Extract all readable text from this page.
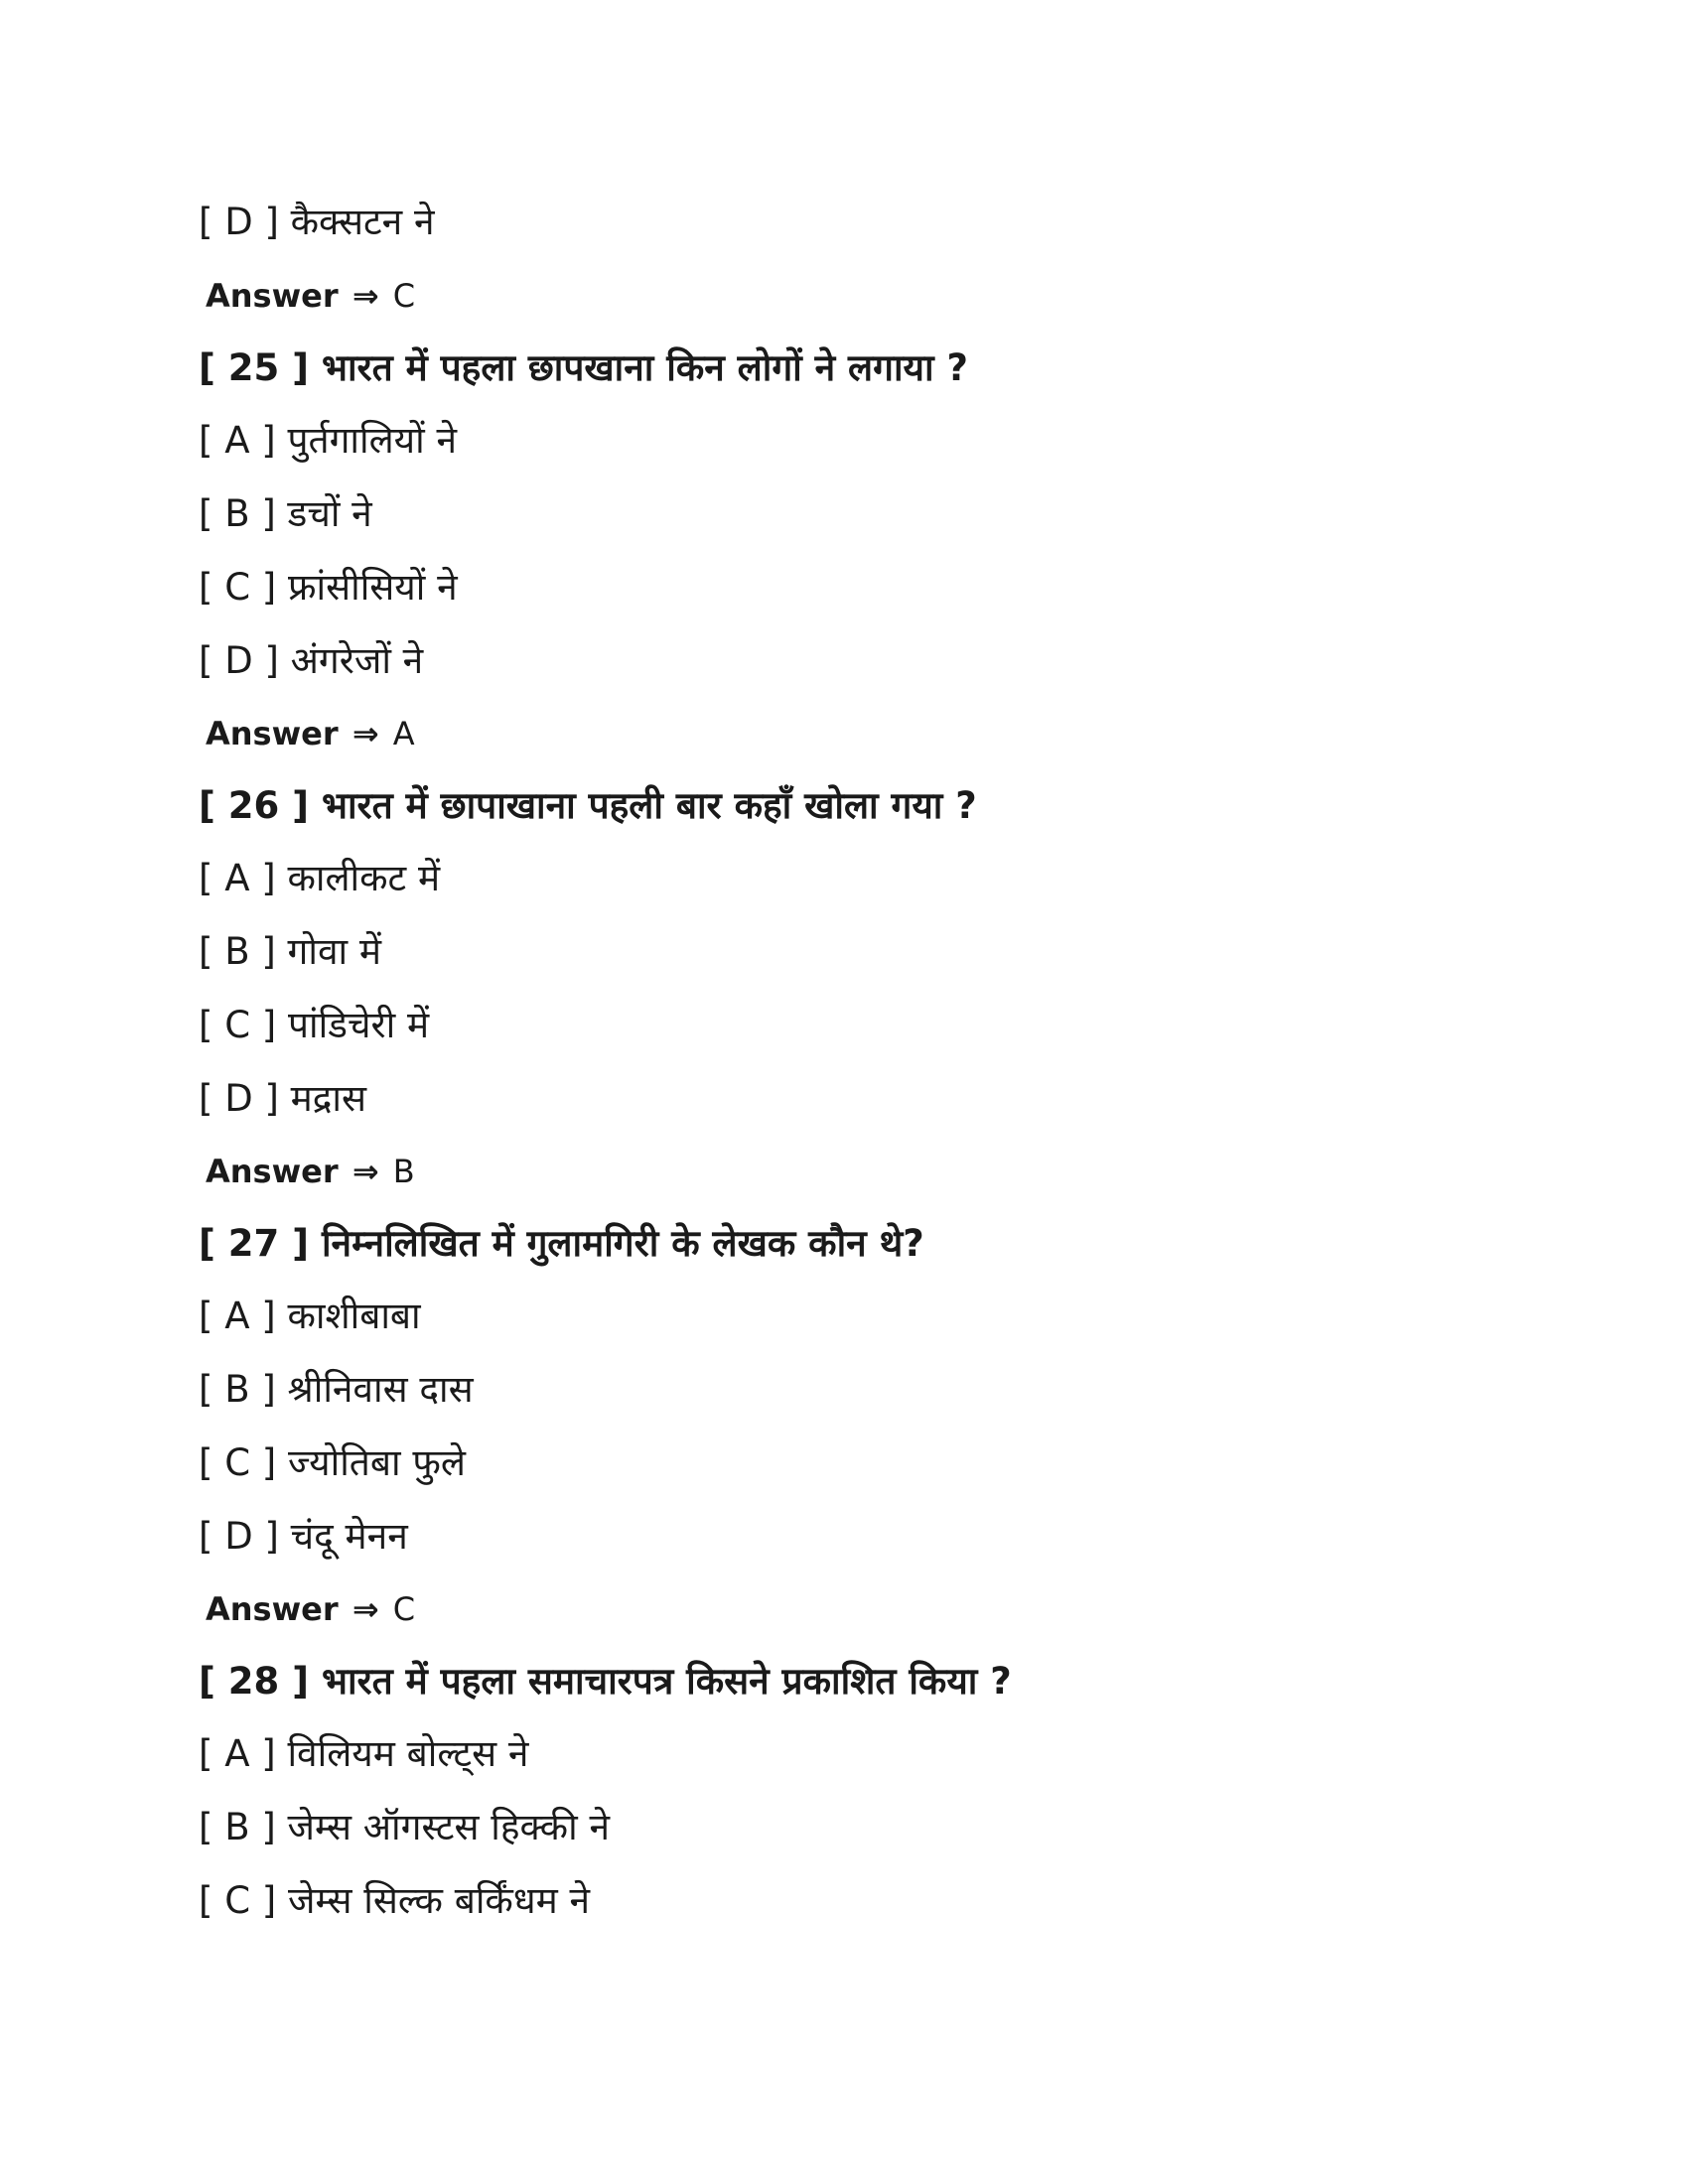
[ D ] कैक्सटन ने
Answer ⇒ C
[ 25 ] भारत में पहला छापखाना किन लोगों ने लगाया ?
[ A ] पुर्तगालियों ने
[ B ] डचों ने
[ C ] फ्रांसीसियों ने
[ D ] अंगरेजों ने
Answer ⇒ A
[ 26 ] भारत में छापाखाना पहली बार कहाँ खोला गया ?
[ A ] कालीकट में
[ B ] गोवा में
[ C ] पांडिचेरी में
[ D ] मद्रास
Answer ⇒ B
[ 27 ] निम्नलिखित में गुलामगिरी के लेखक कौन थे?
[ A ] काशीबाबा
[ B ] श्रीनिवास दास
[ C ] ज्योतिबा फुले
[ D ] चंदू मेनन
Answer ⇒ C
[ 28 ] भारत में पहला समाचारपत्र किसने प्रकाशित किया ?
[ A ] विलियम बोल्ट्स ने
[ B ] जेम्स ऑगस्टस हिक्की ने
[ C ] जेम्स सिल्क बर्किंधम ने
